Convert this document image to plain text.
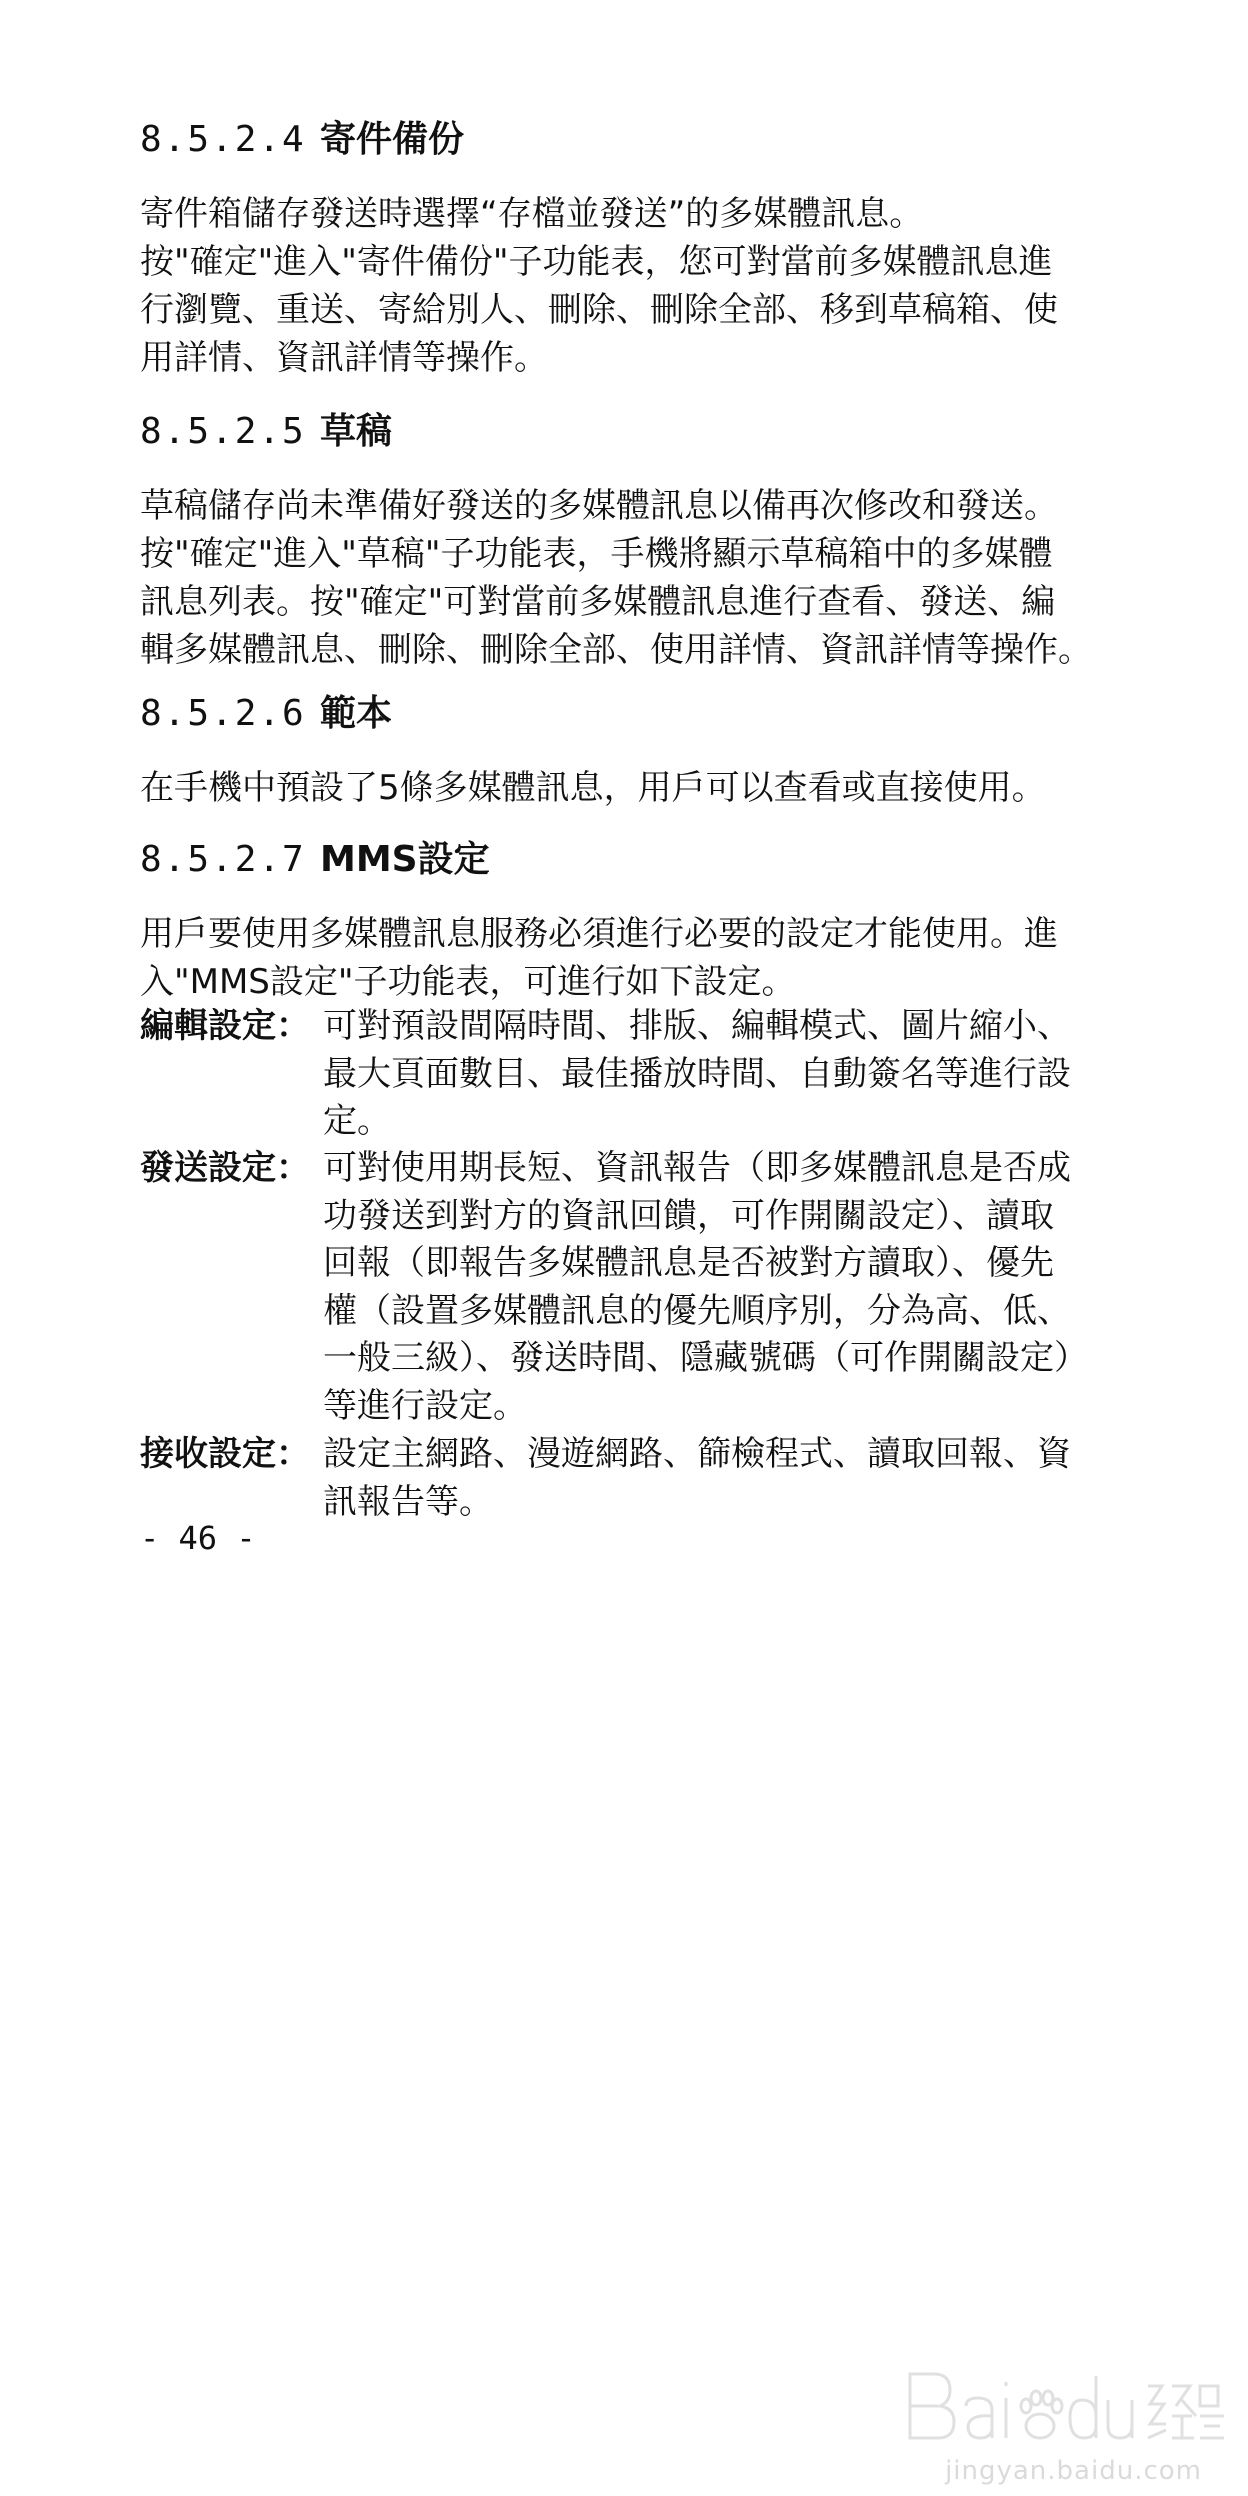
8.5.2.4 寄件備份
寄件箱儲存發送時選擇“存檔並發送”的多媒體訊息。
按"確定"進入"寄件備份"子功能表，您可對當前多媒體訊息進
行瀏覽、重送、寄給別人、刪除、刪除全部、移到草稿箱、使
用詳情、資訊詳情等操作。
8.5.2.5 草稿
草稿儲存尚未準備好發送的多媒體訊息以備再次修改和發送。
按"確定"進入"草稿"子功能表，手機將顯示草稿箱中的多媒體
訊息列表。按"確定"可對當前多媒體訊息進行查看、發送、編
輯多媒體訊息、刪除、刪除全部、使用詳情、資訊詳情等操作。
8.5.2.6 範本
在手機中預設了5條多媒體訊息，用戶可以查看或直接使用。
8.5.2.7 MMS設定
用戶要使用多媒體訊息服務必須進行必要的設定才能使用。進
入"MMS設定"子功能表，可進行如下設定。
編輯設定： 可對預設間隔時間、排版、編輯模式、圖片縮小、
最大頁面數目、最佳播放時間、自動簽名等進行設
定。
發送設定： 可對使用期長短、資訊報告（即多媒體訊息是否成
功發送到對方的資訊回饋，可作開關設定）、讀取
回報（即報告多媒體訊息是否被對方讀取）、優先
權（設置多媒體訊息的優先順序別，分為高、低、
一般三級）、發送時間、隱藏號碼（可作開關設定）
等進行設定。
接收設定： 設定主網路、漫遊網路、篩檢程式、讀取回報、資
訊報告等。
- 46 -
jingyan.baidu.com
